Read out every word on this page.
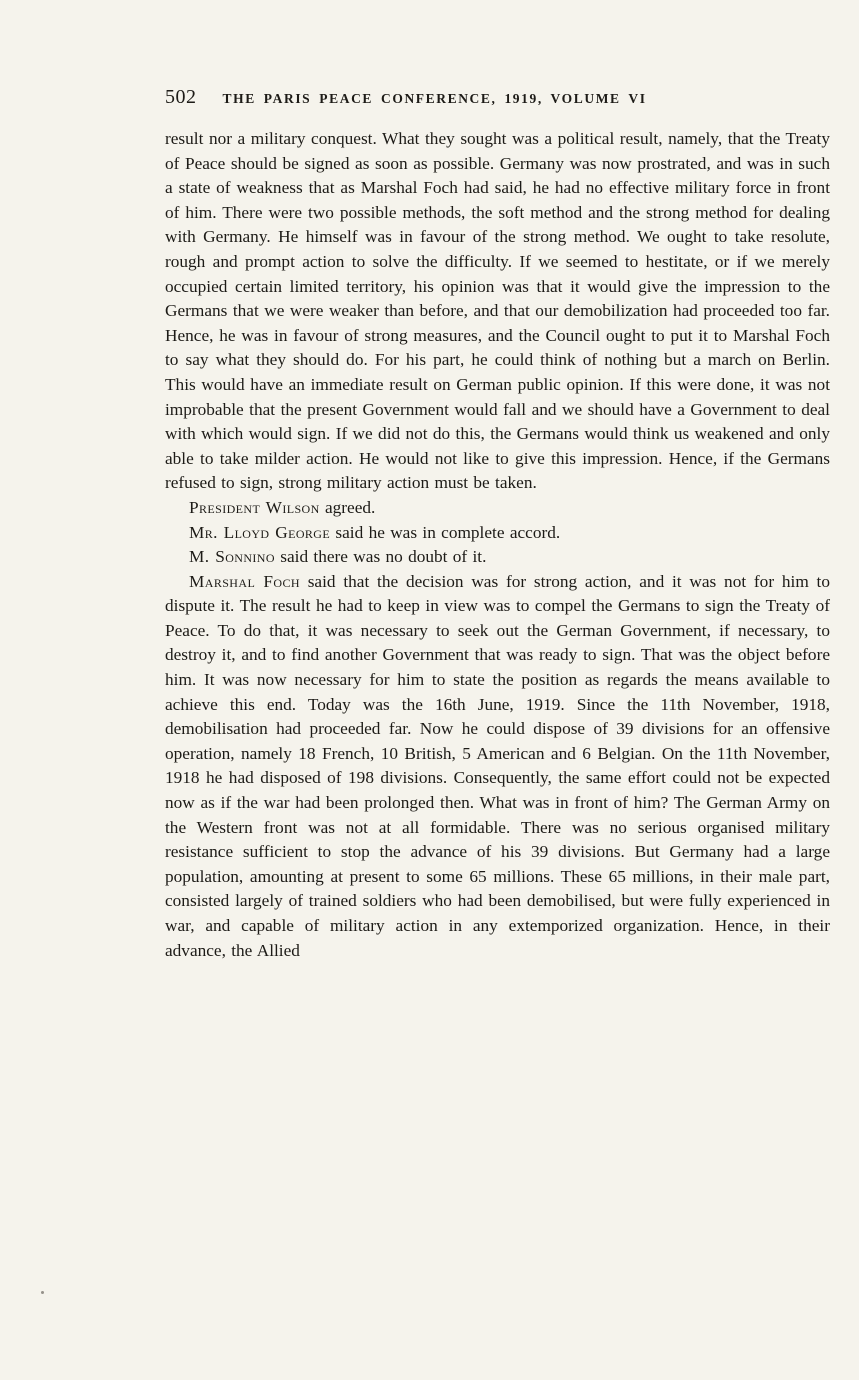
502 THE PARIS PEACE CONFERENCE, 1919, VOLUME VI

result nor a military conquest. What they sought was a political result, namely, that the Treaty of Peace should be signed as soon as possible. Germany was now prostrated, and was in such a state of weakness that as Marshal Foch had said, he had no effective military force in front of him. There were two possible methods, the soft method and the strong method for dealing with Germany. He himself was in favour of the strong method. We ought to take resolute, rough and prompt action to solve the difficulty. If we seemed to hestitate, or if we merely occupied certain limited territory, his opinion was that it would give the impression to the Germans that we were weaker than before, and that our demobilization had proceeded too far. Hence, he was in favour of strong measures, and the Council ought to put it to Marshal Foch to say what they should do. For his part, he could think of nothing but a march on Berlin. This would have an immediate result on German public opinion. If this were done, it was not improbable that the present Government would fall and we should have a Government to deal with which would sign. If we did not do this, the Germans would think us weakened and only able to take milder action. He would not like to give this impression. Hence, if the Germans refused to sign, strong military action must be taken.

President Wilson agreed.

Mr. Lloyd George said he was in complete accord.

M. Sonnino said there was no doubt of it.

Marshal Foch said that the decision was for strong action, and it was not for him to dispute it. The result he had to keep in view was to compel the Germans to sign the Treaty of Peace. To do that, it was necessary to seek out the German Government, if necessary, to destroy it, and to find another Government that was ready to sign. That was the object before him. It was now necessary for him to state the position as regards the means available to achieve this end. Today was the 16th June, 1919. Since the 11th November, 1918, demobilisation had proceeded far. Now he could dispose of 39 divisions for an offensive operation, namely 18 French, 10 British, 5 American and 6 Belgian. On the 11th November, 1918 he had disposed of 198 divisions. Consequently, the same effort could not be expected now as if the war had been prolonged then. What was in front of him? The German Army on the Western front was not at all formidable. There was no serious organised military resistance sufficient to stop the advance of his 39 divisions. But Germany had a large population, amounting at present to some 65 millions. These 65 millions, in their male part, consisted largely of trained soldiers who had been demobilised, but were fully experienced in war, and capable of military action in any extemporized organization. Hence, in their advance, the Allied
